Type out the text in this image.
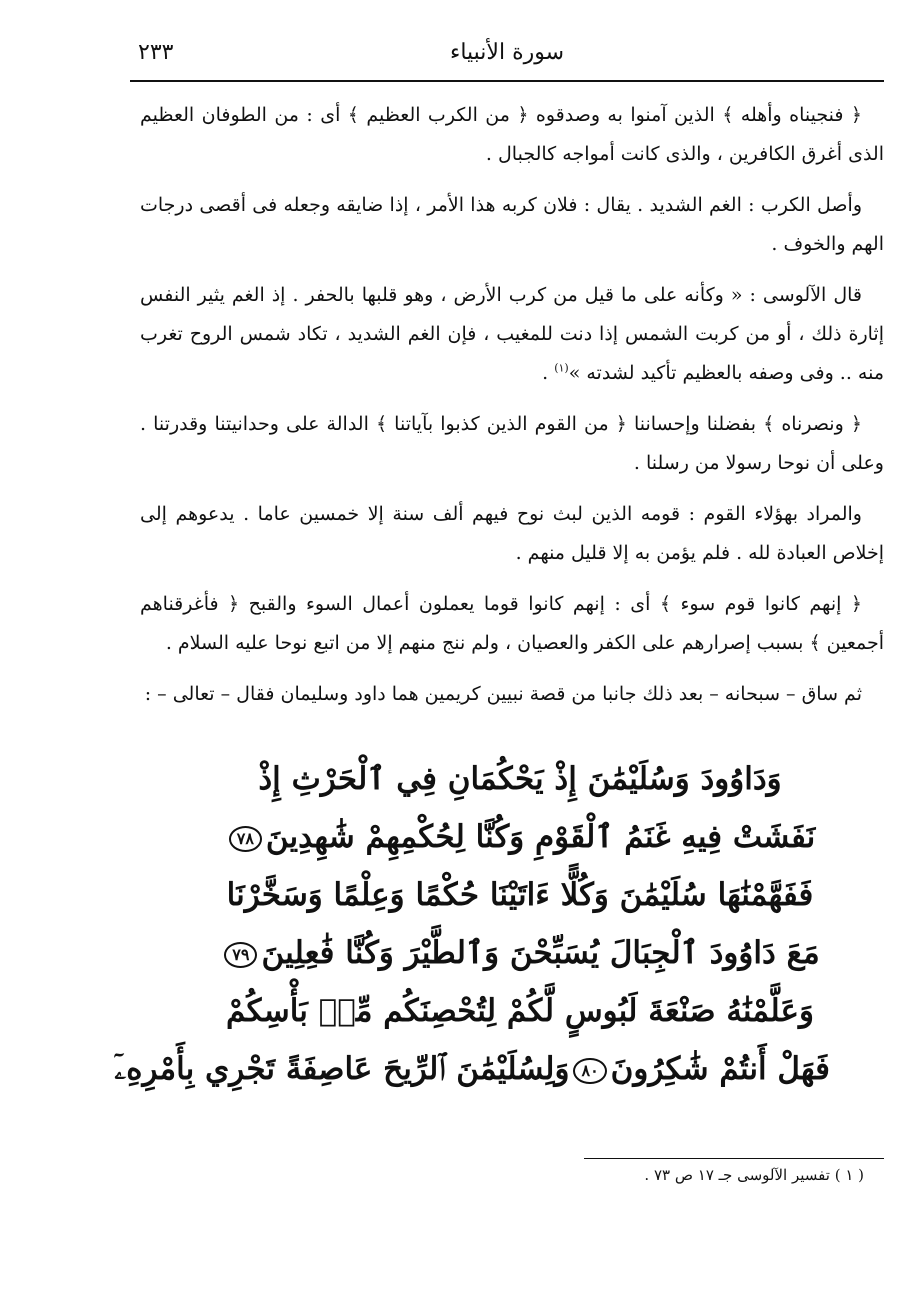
سورة الأنبياء
٢٣٣

﴿ فنجيناه وأهله ﴾ الذين آمنوا به وصدقوه ﴿ من الكرب العظيم ﴾ أى : من الطوفان العظيم الذى أغرق الكافرين ، والذى كانت أمواجه كالجبال .

وأصل الكرب : الغم الشديد . يقال : فلان كربه هذا الأمر ، إذا ضايقه وجعله فى أقصى درجات الهم والخوف .

قال الآلوسى : « وكأنه على ما قيل من كرب الأرض ، وهو قلبها بالحفر . إذ الغم يثير النفس إثارة ذلك ، أو من كربت الشمس إذا دنت للمغيب ، فإن الغم الشديد ، تكاد شمس الروح تغرب منه .. وفى وصفه بالعظيم تأكيد لشدته »$^{(١)}$ .

﴿ ونصرناه ﴾ بفضلنا وإحساننا ﴿ من القوم الذين كذبوا بآياتنا ﴾ الدالة على وحدانيتنا وقدرتنا . وعلى أن نوحا رسولا من رسلنا .

والمراد بهؤلاء القوم : قومه الذين لبث نوح فيهم ألف سنة إلا خمسين عاما . يدعوهم إلى إخلاص العبادة لله . فلم يؤمن به إلا قليل منهم .

﴿ إنهم كانوا قوم سوء ﴾ أى : إنهم كانوا قوما يعملون أعمال السوء والقبح ﴿ فأغرقناهم أجمعين ﴾ بسبب إصرارهم على الكفر والعصيان ، ولم ننج منهم إلا من اتبع نوحا عليه السلام .

ثم ساق – سبحانه – بعد ذلك جانبا من قصة نبيين كريمين هما داود وسليمان فقال – تعالى – :

وَدَاوُودَ وَسُلَيْمَٰنَ إِذْ يَحْكُمَانِ فِي ٱلْحَرْثِ إِذْ
نَفَشَتْ فِيهِ غَنَمُ ٱلْقَوْمِ وَكُنَّا لِحُكْمِهِمْ شَٰهِدِينَ٧٨
فَفَهَّمْنَٰهَا سُلَيْمَٰنَ وَكُلًّا ءَاتَيْنَا حُكْمًا وَعِلْمًا وَسَخَّرْنَا
مَعَ دَاوُودَ ٱلْجِبَالَ يُسَبِّحْنَ وَٱلطَّيْرَ وَكُنَّا فَٰعِلِينَ٧٩
وَعَلَّمْنَٰهُ صَنْعَةَ لَبُوسٍ لَّكُمْ لِتُحْصِنَكُم مِّنۢ بَأْسِكُمْ
فَهَلْ أَنتُمْ شَٰكِرُونَ٨٠وَلِسُلَيْمَٰنَ ٱلرِّيحَ عَاصِفَةً تَجْرِي بِأَمْرِهِۦٓ
( ١ ) تفسير الآلوسى جـ ١٧ ص ٧٣ .
